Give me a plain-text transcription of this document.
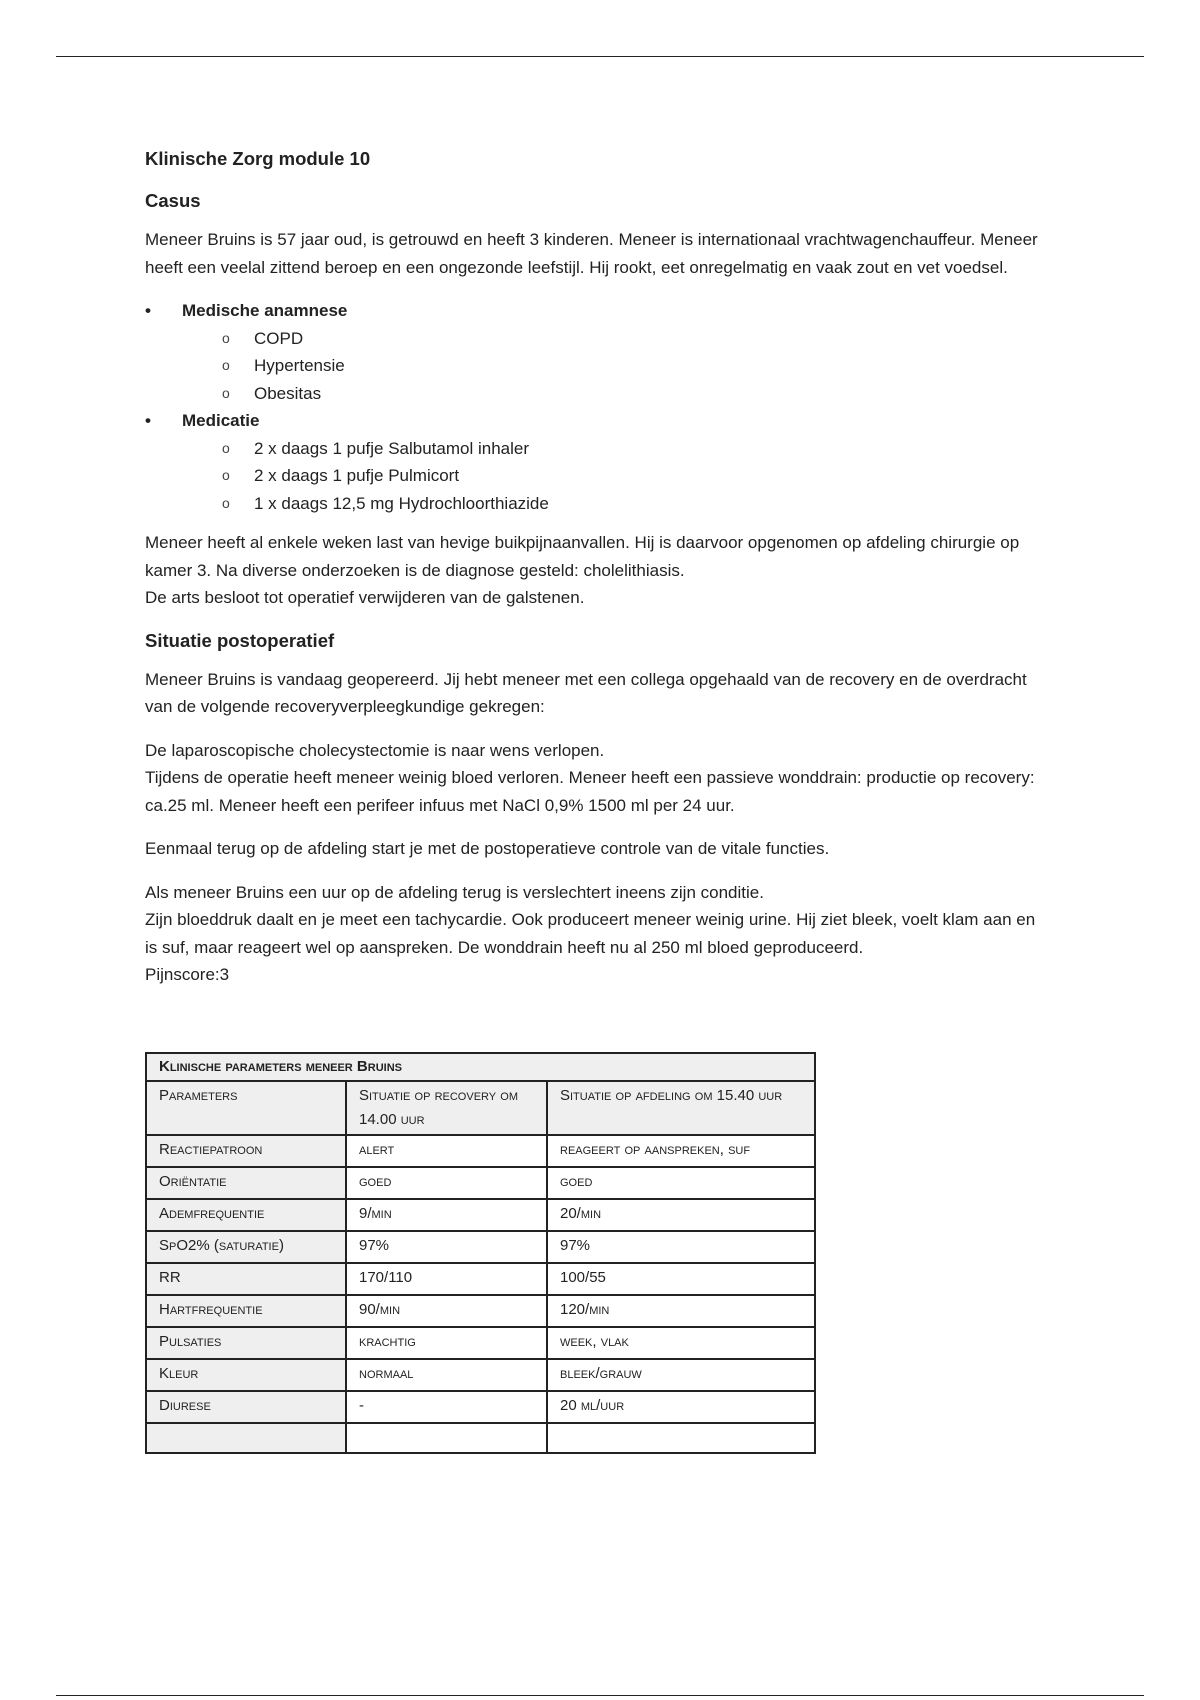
Klinische Zorg module 10
Casus

Meneer Bruins is 57 jaar oud, is getrouwd en heeft 3 kinderen. Meneer is internationaal vrachtwagenchauffeur. Meneer heeft een veelal zittend beroep en een ongezonde leefstijl. Hij rookt, eet onregelmatig en vaak zout en vet voedsel.

• Medische anamnese
o COPD
o Hypertensie
o Obesitas
• Medicatie
o 2 x daags 1 pufje Salbutamol inhaler
o 2 x daags 1 pufje Pulmicort
o 1 x daags 12,5 mg Hydrochloorthiazide

Meneer heeft al enkele weken last van hevige buikpijnaanvallen. Hij is daarvoor opgenomen op afdeling chirurgie op kamer 3. Na diverse onderzoeken is de diagnose gesteld: cholelithiasis.
De arts besloot tot operatief verwijderen van de galstenen.

Situatie postoperatief

Meneer Bruins is vandaag geopereerd. Jij hebt meneer met een collega opgehaald van de recovery en de overdracht van de volgende recoveryverpleegkundige gekregen:

De laparoscopische cholecystectomie is naar wens verlopen.
Tijdens de operatie heeft meneer weinig bloed verloren. Meneer heeft een passieve wonddrain: productie op recovery: ca.25 ml. Meneer heeft een perifeer infuus met NaCl 0,9% 1500 ml per 24 uur.

Eenmaal terug op de afdeling start je met de postoperatieve controle van de vitale functies.

Als meneer Bruins een uur op de afdeling terug is verslechtert ineens zijn conditie.
Zijn bloeddruk daalt en je meet een tachycardie. Ook produceert meneer weinig urine. Hij ziet bleek, voelt klam aan en is suf, maar reageert wel op aanspreken. De wonddrain heeft nu al 250 ml bloed geproduceerd.
Pijnscore:3

Klinische parameters meneer Bruins		
Parameters	Situatie op recovery om 14.00 uur	Situatie op afdeling om 15.40 uur
Reactiepatroon	alert	reageert op aanspreken, suf
Oriëntatie	goed	goed
Ademfrequentie	9/min	20/min
SpO2% (saturatie)	97%	97%
RR	170/110	100/55
Hartfrequentie	90/min	120/min
Pulsaties	krachtig	week, vlak
Kleur	normaal	bleek/grauw
Diurese	-	20 ml/uur
